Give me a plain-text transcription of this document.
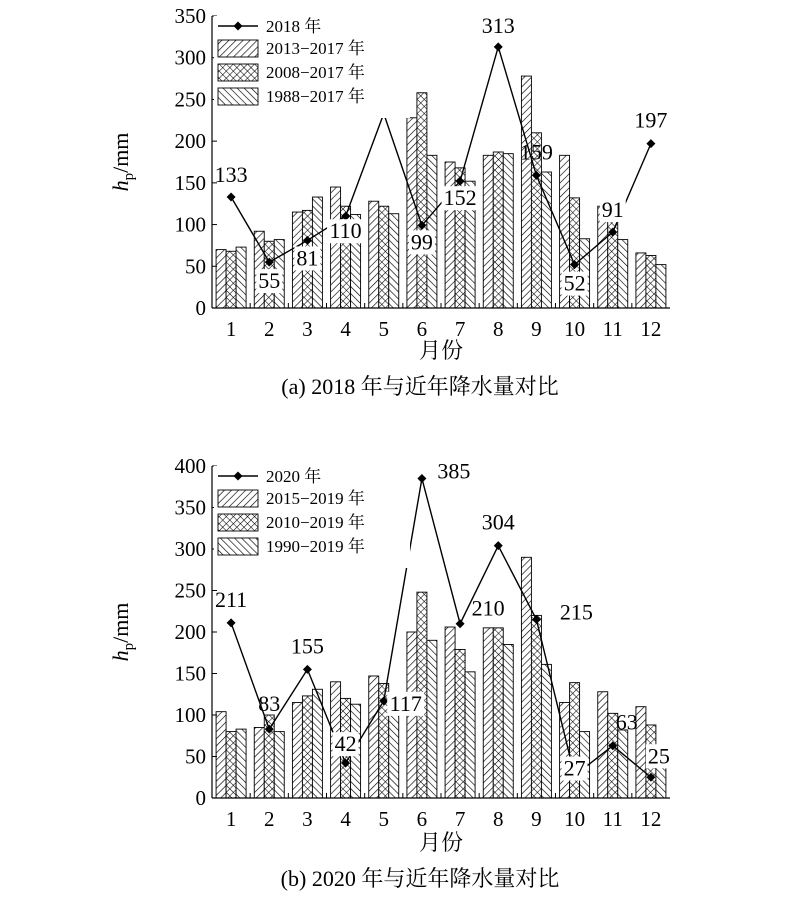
0
50
100
150
200
250
300
350
1 2 3 4 5 6 7 8 9 10 11 12
133
55
81
110 99
152
313
159
52
91
197
2018 年
2013−2017 年
2008−2017 年
1988−2017 年
$h_p/mm$
月份
(a) 2018 年与近年降水量对比
0
50
100
150
200
250
300
350
400
1 2 3 4 5 6 7 8 9 10 11 12
211
83
155
42
117
385
210
304
215
27
63
25
2020 年
2015−2019 年
2010−2019 年
1990−2019 年
$h_p/mm$
月份
(b) 2020 年与近年降水量对比
